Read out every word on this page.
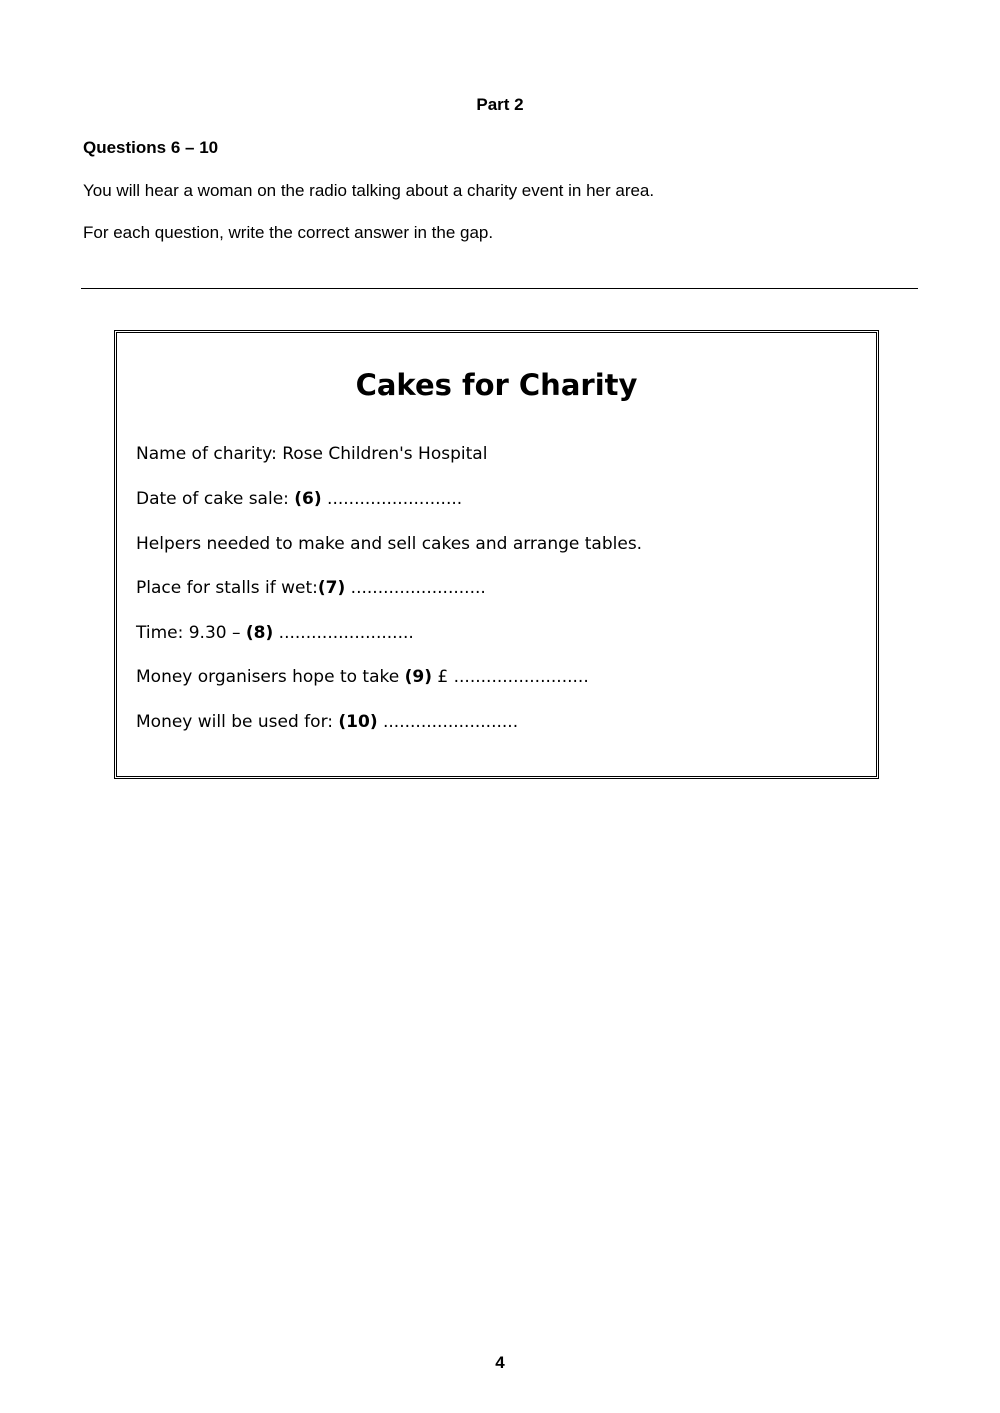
Part 2
Questions 6 – 10
You will hear a woman on the radio talking about a charity event in her area.
For each question, write the correct answer in the gap.
Cakes for Charity
Name of charity: Rose Children's Hospital
Date of cake sale: (6) .........................
Helpers needed to make and sell cakes and arrange tables.
Place for stalls if wet:(7) .........................
Time: 9.30 – (8) .........................
Money organisers hope to take (9) £ .........................
Money will be used for: (10) .........................
4
